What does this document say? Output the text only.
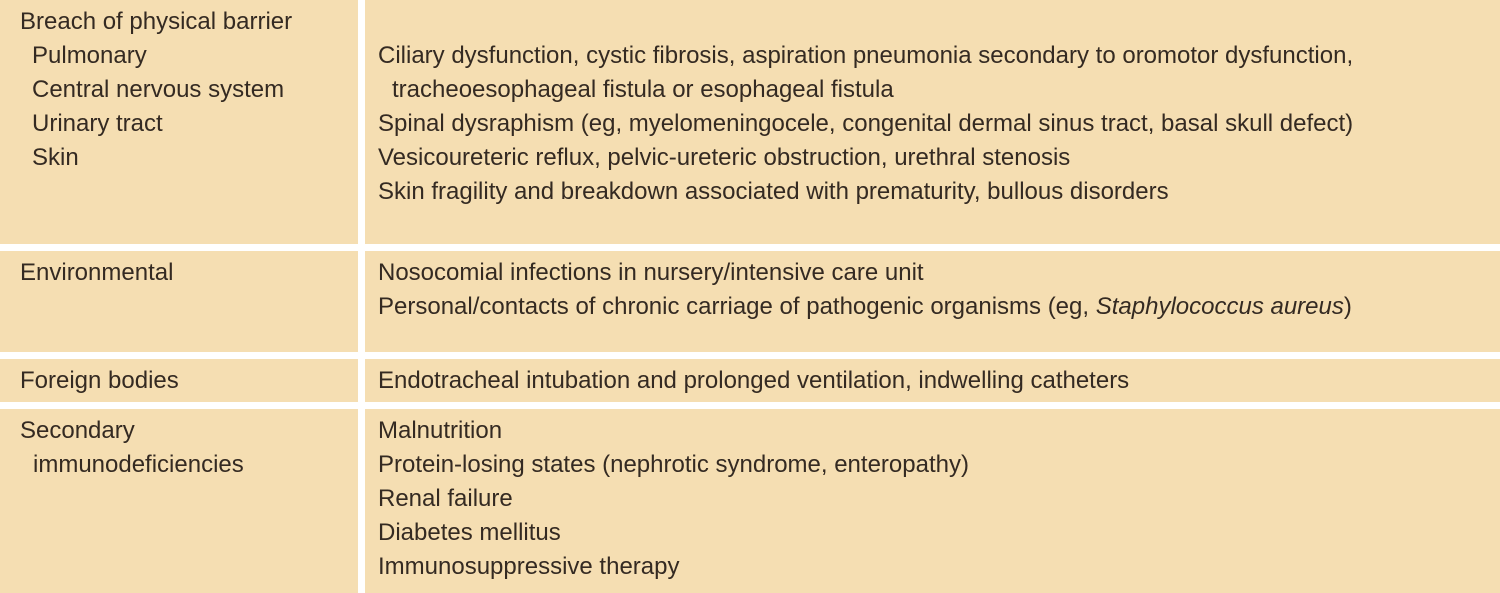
Breach of physical barrier

Pulmonary

Central nervous system

Urinary tract

Skin

Ciliary dysfunction, cystic fibrosis, aspiration pneumonia secondary to oromotor dysfunction, tracheoesophageal fistula or esophageal fistula

Spinal dysraphism (eg, myelomeningocele, congenital dermal sinus tract, basal skull defect)

Vesicoureteric reflux, pelvic-ureteric obstruction, urethral stenosis

Skin fragility and breakdown associated with prematurity, bullous disorders

Environmental	Nosocomial infections in nursery/intensive care unit

Personal/contacts of chronic carriage of pathogenic organisms (eg, Staphylococcus aureus)

Foreign bodies	Endotracheal intubation and prolonged ventilation, indwelling catheters

Secondary immunodeficiencies

Malnutrition

Protein-losing states (nephrotic syndrome, enteropathy)

Renal failure

Diabetes mellitus

Immunosuppressive therapy
